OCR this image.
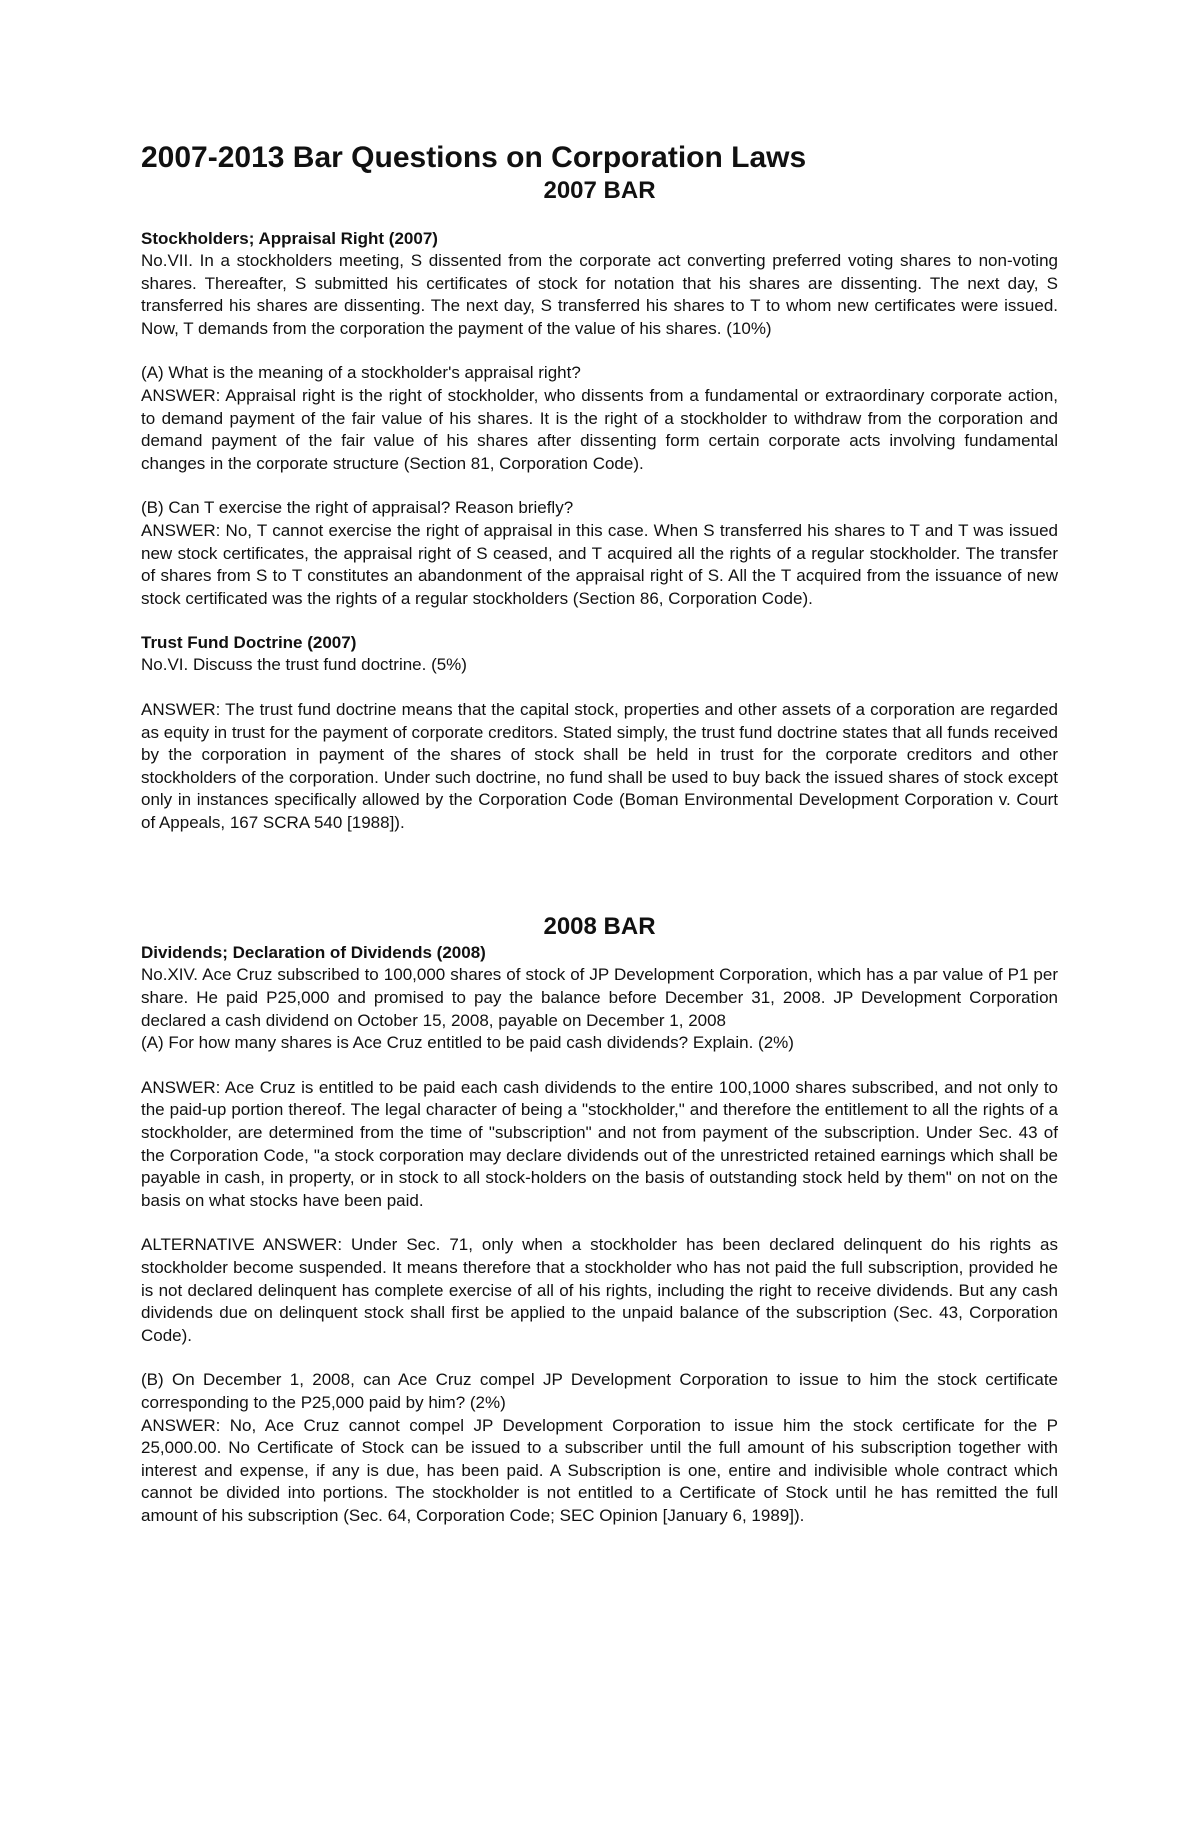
2007-2013 Bar Questions on Corporation Laws
2007 BAR
Stockholders; Appraisal Right (2007)

No.VII. In a stockholders meeting, S dissented from the corporate act converting preferred voting shares to non-voting shares. Thereafter, S submitted his certificates of stock for notation that his shares are dissenting. The next day, S transferred his shares are dissenting. The next day, S transferred his shares to T to whom new certificates were issued. Now, T demands from the corporation the payment of the value of his shares. (10%)

(A) What is the meaning of a stockholder's appraisal right?

ANSWER: Appraisal right is the right of stockholder, who dissents from a fundamental or extraordinary corporate action, to demand payment of the fair value of his shares. It is the right of a stockholder to withdraw from the corporation and demand payment of the fair value of his shares after dissenting form certain corporate acts involving fundamental changes in the corporate structure (Section 81, Corporation Code).

(B) Can T exercise the right of appraisal? Reason briefly?

ANSWER: No, T cannot exercise the right of appraisal in this case. When S transferred his shares to T and T was issued new stock certificates, the appraisal right of S ceased, and T acquired all the rights of a regular stockholder. The transfer of shares from S to T constitutes an abandonment of the appraisal right of S. All the T acquired from the issuance of new stock certificated was the rights of a regular stockholders (Section 86, Corporation Code).

Trust Fund Doctrine (2007)

No.VI. Discuss the trust fund doctrine. (5%)

ANSWER: The trust fund doctrine means that the capital stock, properties and other assets of a corporation are regarded as equity in trust for the payment of corporate creditors. Stated simply, the trust fund doctrine states that all funds received by the corporation in payment of the shares of stock shall be held in trust for the corporate creditors and other stockholders of the corporation. Under such doctrine, no fund shall be used to buy back the issued shares of stock except only in instances specifically allowed by the Corporation Code (Boman Environmental Development Corporation v. Court of Appeals, 167 SCRA 540 [1988]).

2008 BAR
Dividends; Declaration of Dividends (2008)

No.XIV. Ace Cruz subscribed to 100,000 shares of stock of JP Development Corporation, which has a par value of P1 per share. He paid P25,000 and promised to pay the balance before December 31, 2008. JP Development Corporation declared a cash dividend on October 15, 2008, payable on December 1, 2008

(A) For how many shares is Ace Cruz entitled to be paid cash dividends? Explain. (2%)

ANSWER: Ace Cruz is entitled to be paid each cash dividends to the entire 100,1000 shares subscribed, and not only to the paid-up portion thereof. The legal character of being a "stockholder," and therefore the entitlement to all the rights of a stockholder, are determined from the time of "subscription" and not from payment of the subscription. Under Sec. 43 of the Corporation Code, "a stock corporation may declare dividends out of the unrestricted retained earnings which shall be payable in cash, in property, or in stock to all stock-holders on the basis of outstanding stock held by them" on not on the basis on what stocks have been paid.

ALTERNATIVE ANSWER: Under Sec. 71, only when a stockholder has been declared delinquent do his rights as stockholder become suspended. It means therefore that a stockholder who has not paid the full subscription, provided he is not declared delinquent has complete exercise of all of his rights, including the right to receive dividends. But any cash dividends due on delinquent stock shall first be applied to the unpaid balance of the subscription (Sec. 43, Corporation Code).

(B) On December 1, 2008, can Ace Cruz compel JP Development Corporation to issue to him the stock certificate corresponding to the P25,000 paid by him? (2%)

ANSWER: No, Ace Cruz cannot compel JP Development Corporation to issue him the stock certificate for the P 25,000.00. No Certificate of Stock can be issued to a subscriber until the full amount of his subscription together with interest and expense, if any is due, has been paid. A Subscription is one, entire and indivisible whole contract which cannot be divided into portions. The stockholder is not entitled to a Certificate of Stock until he has remitted the full amount of his subscription (Sec. 64, Corporation Code; SEC Opinion [January 6, 1989]).
